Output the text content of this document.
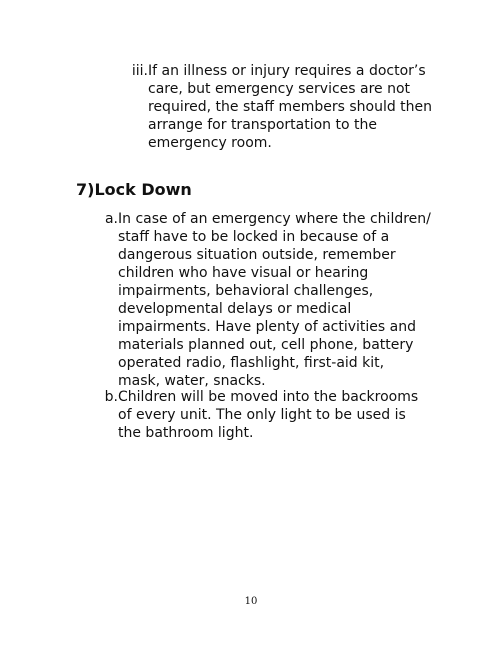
iii. If an illness or injury requires a doctor’s
care, but emergency services are not
required, the staff members should then
arrange for transportation to the
emergency room.
7)Lock Down
a. In case of an emergency where the children/
staff have to be locked in because of a
dangerous situation outside, remember
children who have visual or hearing
impairments, behavioral challenges,
developmental delays or medical
impairments. Have plenty of activities and
materials planned out, cell phone, battery
operated radio, flashlight, first-aid kit,
mask, water, snacks.
b. Children will be moved into the backrooms
of every unit. The only light to be used is
the bathroom light.
10
